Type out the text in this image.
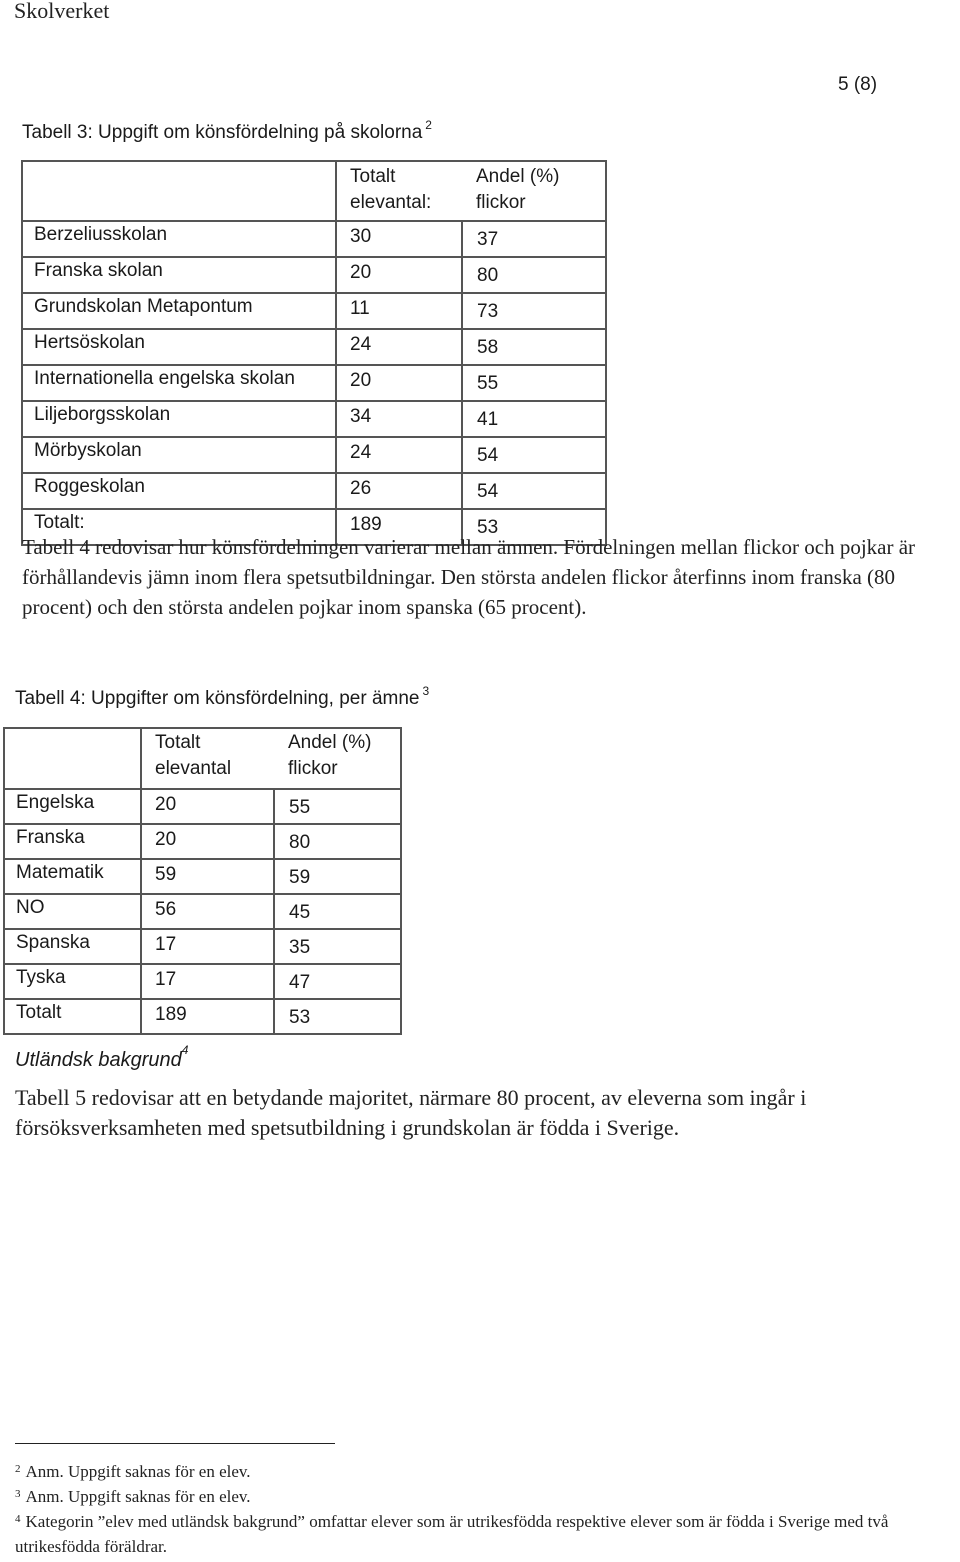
Skolverket
5 (8)
Tabell 3: Uppgift om könsfördelning på skolorna $^2$
	Totalt elevantal:	Andel (%) flickor
Berzeliusskolan	30	37
Franska skolan	20	80
Grundskolan Metapontum	11	73
Hertsöskolan	24	58
Internationella engelska skolan	20	55
Liljeborgsskolan	34	41
Mörbyskolan	24	54
Roggeskolan	26	54
Totalt:	189	53
Tabell 4 redovisar hur könsfördelningen varierar mellan ämnen. Fördelningen mellan flickor och pojkar är förhållandevis jämn inom flera spetsutbildningar. Den största andelen flickor återfinns inom franska (80 procent) och den största andelen pojkar inom spanska (65 procent).
Tabell 4: Uppgifter om könsfördelning, per ämne $^3$
	Totalt elevantal	Andel (%) flickor
Engelska	20	55
Franska	20	80
Matematik	59	59
NO	56	45
Spanska	17	35
Tyska	17	47
Totalt	189	53
Utländsk bakgrund$^4$
Tabell 5 redovisar att en betydande majoritet, närmare 80 procent, av eleverna som ingår i försöksverksamheten med spetsutbildning i grundskolan är födda i Sverige.
$^2$ Anm. Uppgift saknas för en elev.
$^3$ Anm. Uppgift saknas för en elev.
$^4$ Kategorin ”elev med utländsk bakgrund” omfattar elever som är utrikesfödda respektive elever som är födda i Sverige med två utrikesfödda föräldrar.
